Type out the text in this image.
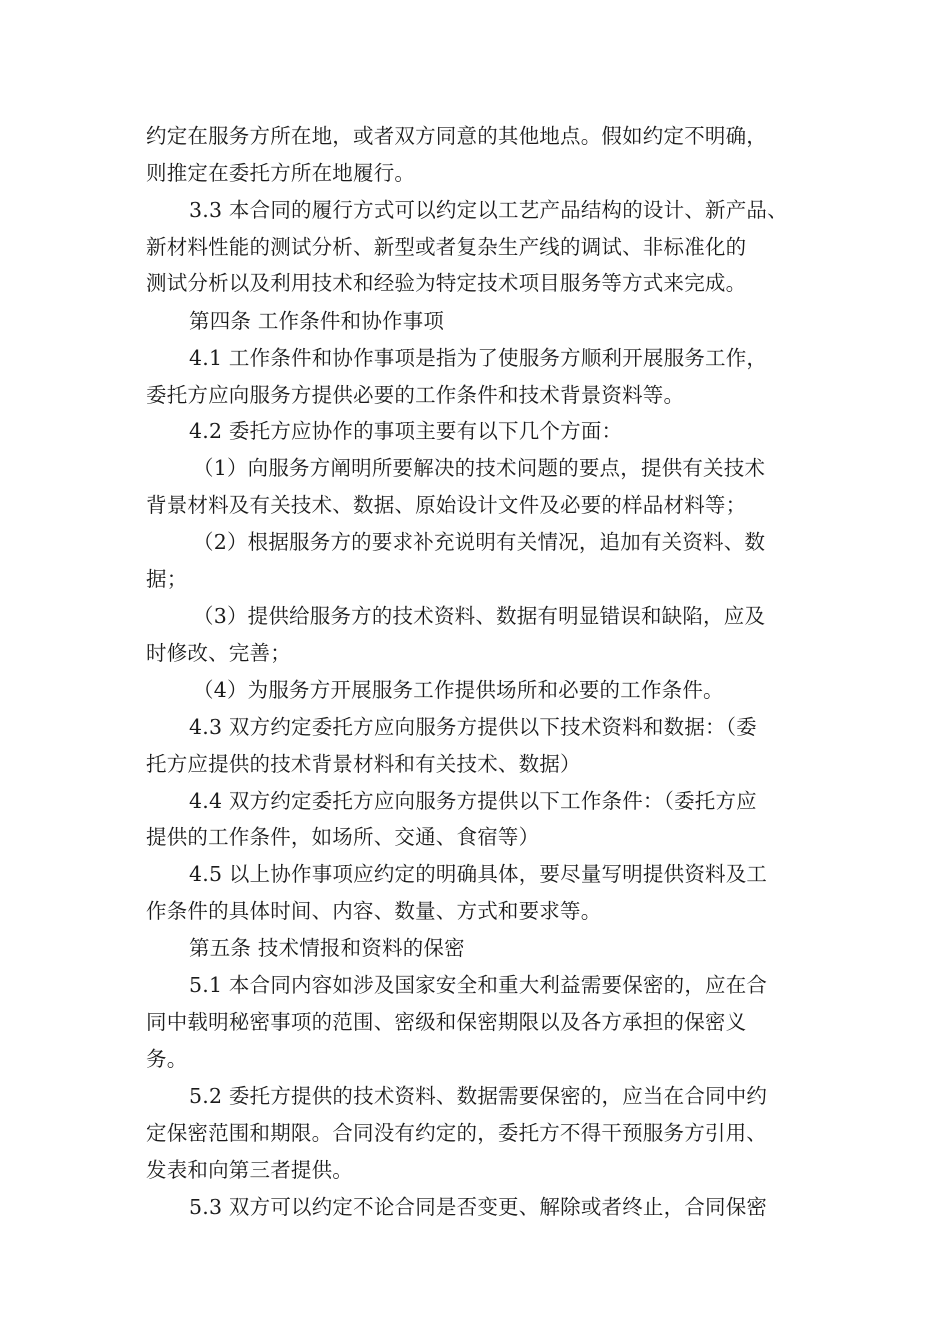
约定在服务方所在地，或者双方同意的其他地点。假如约定不明确，
则推定在委托方所在地履行。
3.3 本合同的履行方式可以约定以工艺产品结构的设计、新产品、
新材料性能的测试分析、新型或者复杂生产线的调试、非标准化的
测试分析以及利用技术和经验为特定技术项目服务等方式来完成。
第四条 工作条件和协作事项
4.1 工作条件和协作事项是指为了使服务方顺利开展服务工作，
委托方应向服务方提供必要的工作条件和技术背景资料等。
4.2 委托方应协作的事项主要有以下几个方面：
（1）向服务方阐明所要解决的技术问题的要点，提供有关技术
背景材料及有关技术、数据、原始设计文件及必要的样品材料等；
（2）根据服务方的要求补充说明有关情况，追加有关资料、数
据；
（3）提供给服务方的技术资料、数据有明显错误和缺陷，应及
时修改、完善；
（4）为服务方开展服务工作提供场所和必要的工作条件。
4.3 双方约定委托方应向服务方提供以下技术资料和数据：（委
托方应提供的技术背景材料和有关技术、数据）
4.4 双方约定委托方应向服务方提供以下工作条件：（委托方应
提供的工作条件，如场所、交通、食宿等）
4.5 以上协作事项应约定的明确具体，要尽量写明提供资料及工
作条件的具体时间、内容、数量、方式和要求等。
第五条 技术情报和资料的保密
5.1 本合同内容如涉及国家安全和重大利益需要保密的，应在合
同中载明秘密事项的范围、密级和保密期限以及各方承担的保密义
务。
5.2 委托方提供的技术资料、数据需要保密的，应当在合同中约
定保密范围和期限。合同没有约定的，委托方不得干预服务方引用、
发表和向第三者提供。
5.3 双方可以约定不论合同是否变更、解除或者终止，合同保密
